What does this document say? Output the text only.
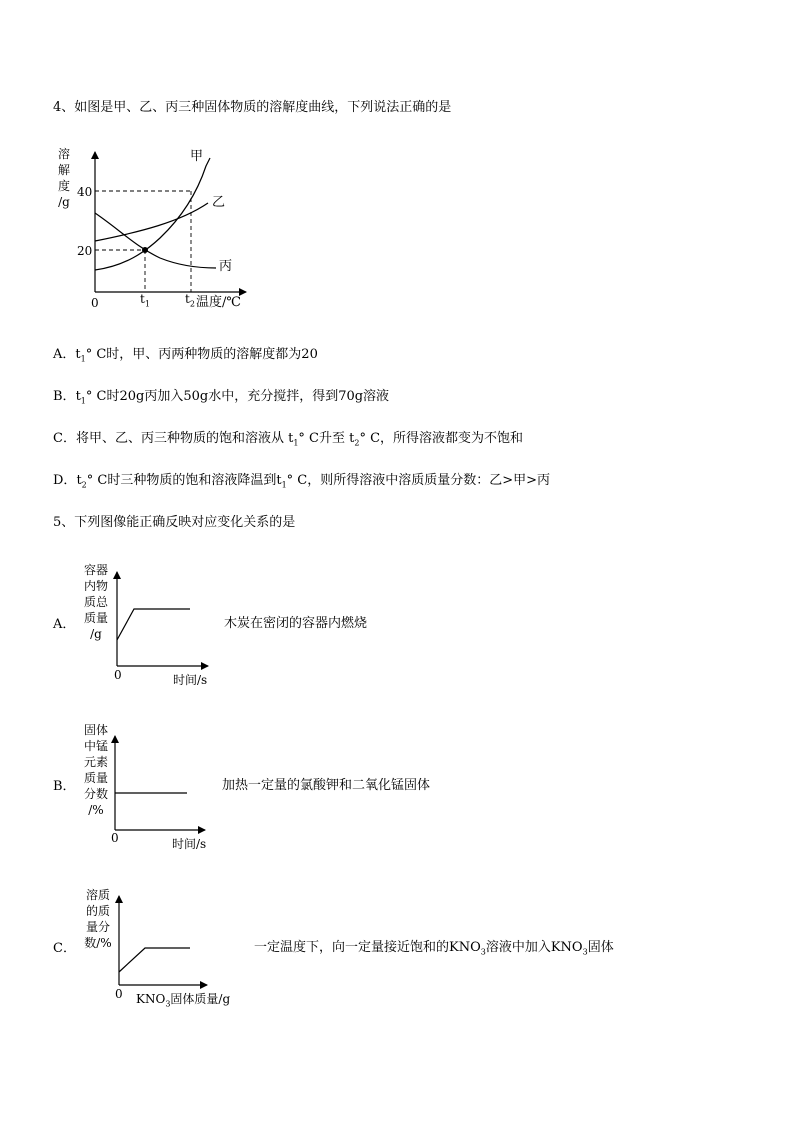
4、如图是甲、乙、丙三种固体物质的溶解度曲线，下列说法正确的是
溶
解
度
/g
40
20
0	$t_1$	$t_2$ 温度/℃
甲
乙
丙
A．$t_1^\circ$ C时，甲、丙两种物质的溶解度都为20
B．$t_1^\circ$ C时20g丙加入50g水中，充分搅拌，得到70g溶液
C．将甲、乙、丙三种物质的饱和溶液从 $t_1^\circ$ C升至 $t_2^\circ$ C，所得溶液都变为不饱和
D．$t_2^\circ$ C时三种物质的饱和溶液降温到$t_1^\circ$ C，则所得溶液中溶质质量分数：乙>甲>丙
5、下列图像能正确反映对应变化关系的是
A．
容器
内物
质总
质量
/g
0	时间/s
木炭在密闭的容器内燃烧
B．
固体
中锰
元素
质量
分数
/%
0	时间/s
加热一定量的氯酸钾和二氧化锰固体
C．
溶质
的质
量分
数/%
0 $KNO_3$固体质量/g
一定温度下，向一定量接近饱和的$KNO_3$溶液中加入$KNO_3$固体
